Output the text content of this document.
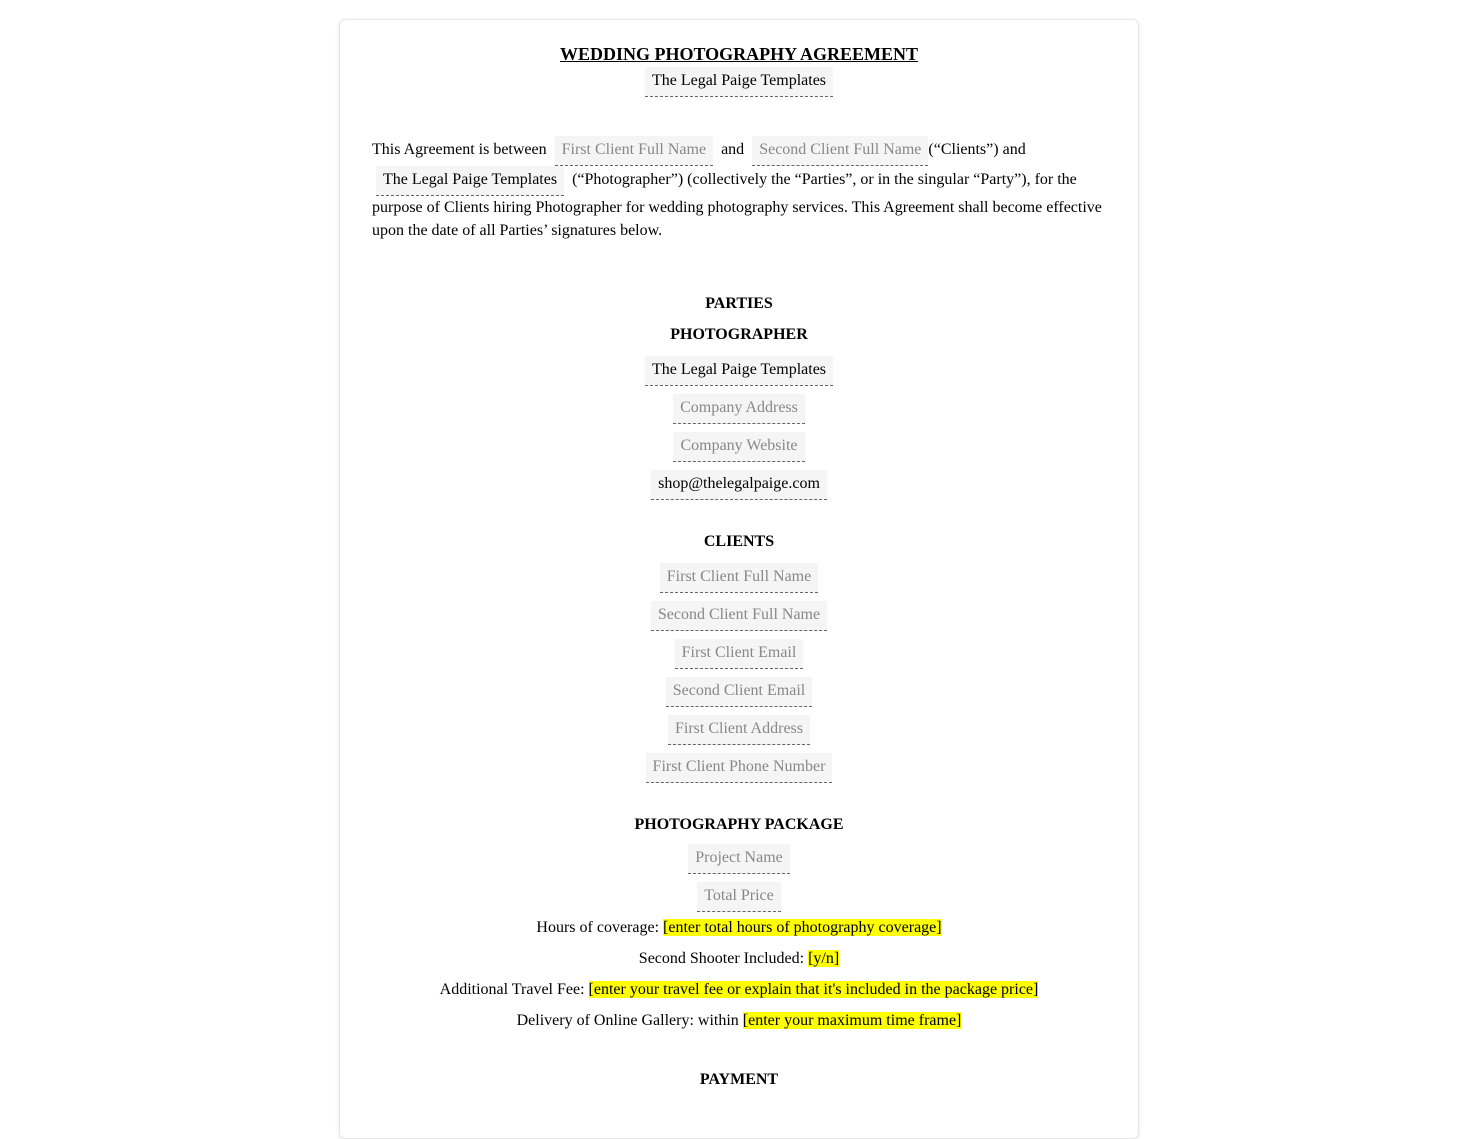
WEDDING PHOTOGRAPHY AGREEMENT
The Legal Paige Templates
This Agreement is between First Client Full Name and Second Client Full Name (“Clients”) and
The Legal Paige Templates (“Photographer”) (collectively the “Parties”, or in the singular “Party”), for the purpose of Clients hiring Photographer for wedding photography services. This Agreement shall become effective upon the date of all Parties’ signatures below.
PARTIES
PHOTOGRAPHER
The Legal Paige Templates
Company Address
Company Website
shop@thelegalpaige.com
CLIENTS
First Client Full Name
Second Client Full Name
First Client Email
Second Client Email
First Client Address
First Client Phone Number
PHOTOGRAPHY PACKAGE
Project Name
Total Price
Hours of coverage: [enter total hours of photography coverage]
Second Shooter Included: [y/n]
Additional Travel Fee: [enter your travel fee or explain that it's included in the package price]
Delivery of Online Gallery: within [enter your maximum time frame]
PAYMENT
